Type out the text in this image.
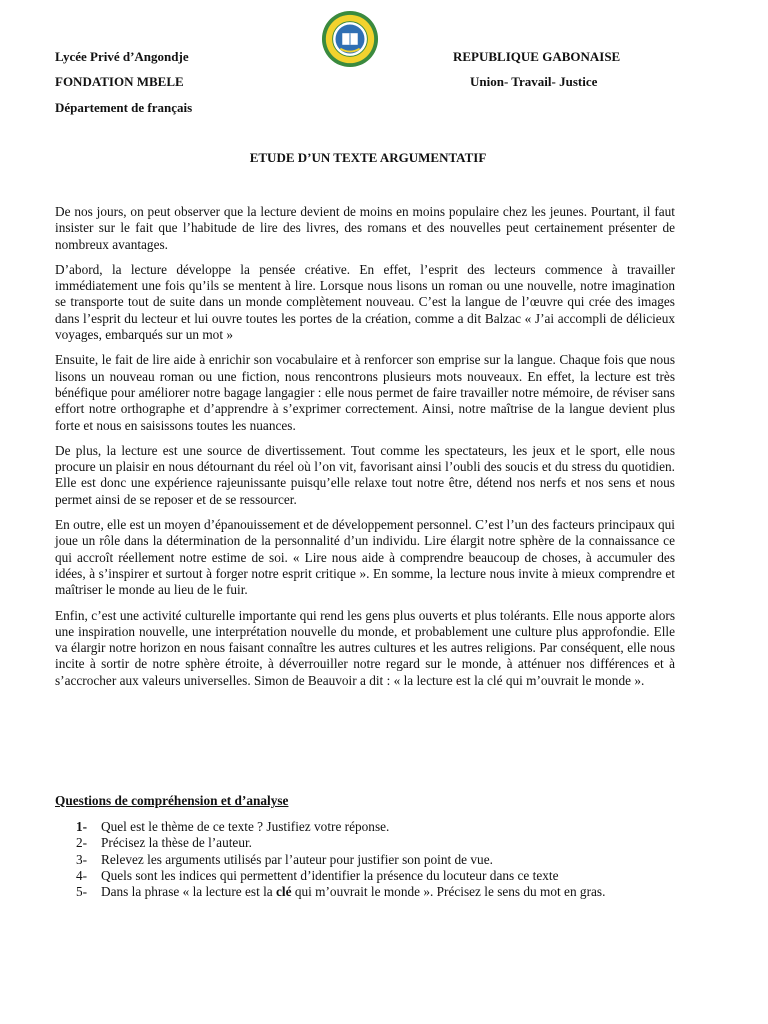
Lycée Privé d’Angondje
FONDATION MBELE
Département de français
REPUBLIQUE GABONAISE
Union- Travail- Justice
ETUDE D’UN TEXTE ARGUMENTATIF

De nos jours, on peut observer que la lecture devient de moins en moins populaire chez les jeunes. Pourtant, il faut insister sur le fait que l’habitude de lire des livres, des romans et des nouvelles peut certainement présenter de nombreux avantages.

D’abord, la lecture développe la pensée créative. En effet, l’esprit des lecteurs commence à travailler immédiatement une fois qu’ils se mentent à lire. Lorsque nous lisons un roman ou une nouvelle, notre imagination se transporte tout de suite dans un monde complètement nouveau. C’est la langue de l’œuvre qui crée des images dans l’esprit du lecteur et lui ouvre toutes les portes de la création, comme a dit Balzac « J’ai accompli de délicieux voyages, embarqués sur un mot »

Ensuite, le fait de lire aide à enrichir son vocabulaire et à renforcer son emprise sur la langue. Chaque fois que nous lisons un nouveau roman ou une fiction, nous rencontrons plusieurs mots nouveaux. En effet, la lecture est très bénéfique pour améliorer notre bagage langagier : elle nous permet de faire travailler notre mémoire, de réviser sans effort notre orthographe et d’apprendre à s’exprimer correctement. Ainsi, notre maîtrise de la langue devient plus forte et nous en saisissons toutes les nuances.

De plus, la lecture est une source de divertissement. Tout comme les spectateurs, les jeux et le sport, elle nous procure un plaisir en nous détournant du réel où l’on vit, favorisant ainsi l’oubli des soucis et du stress du quotidien. Elle est donc une expérience rajeunissante puisqu’elle relaxe tout notre être, détend nos nerfs et nos sens et nous permet ainsi de se reposer et de se ressourcer.

En outre, elle est un moyen d’épanouissement et de développement personnel. C’est l’un des facteurs principaux qui joue un rôle dans la détermination de la personnalité d’un individu. Lire élargit notre sphère de la connaissance ce qui accroît réellement notre estime de soi. « Lire nous aide à comprendre beaucoup de choses, à accumuler des idées, à s’inspirer et surtout à forger notre esprit critique ». En somme, la lecture nous invite à mieux comprendre et maîtriser le monde au lieu de le fuir.

Enfin, c’est une activité culturelle importante qui rend les gens plus ouverts et plus tolérants. Elle nous apporte alors une inspiration nouvelle, une interprétation nouvelle du monde, et probablement une culture plus approfondie. Elle va élargir notre horizon en nous faisant connaître les autres cultures et les autres religions. Par conséquent, elle nous incite à sortir de notre sphère étroite, à déverrouiller notre regard sur le monde, à atténuer nos différences et à s’accrocher aux valeurs universelles. Simon de Beauvoir a dit : « la lecture est la clé qui m’ouvrait le monde ».

Questions de compréhension et d’analyse
1-	Quel est le thème de ce texte ? Justifiez votre réponse.
2-	Précisez la thèse de l’auteur.
3-	Relevez les arguments utilisés par l’auteur pour justifier son point de vue.
4-	Quels sont les indices qui permettent d’identifier la présence du locuteur dans ce texte
5-	Dans la phrase « la lecture est la clé qui m’ouvrait le monde ». Précisez le sens du mot en gras.
